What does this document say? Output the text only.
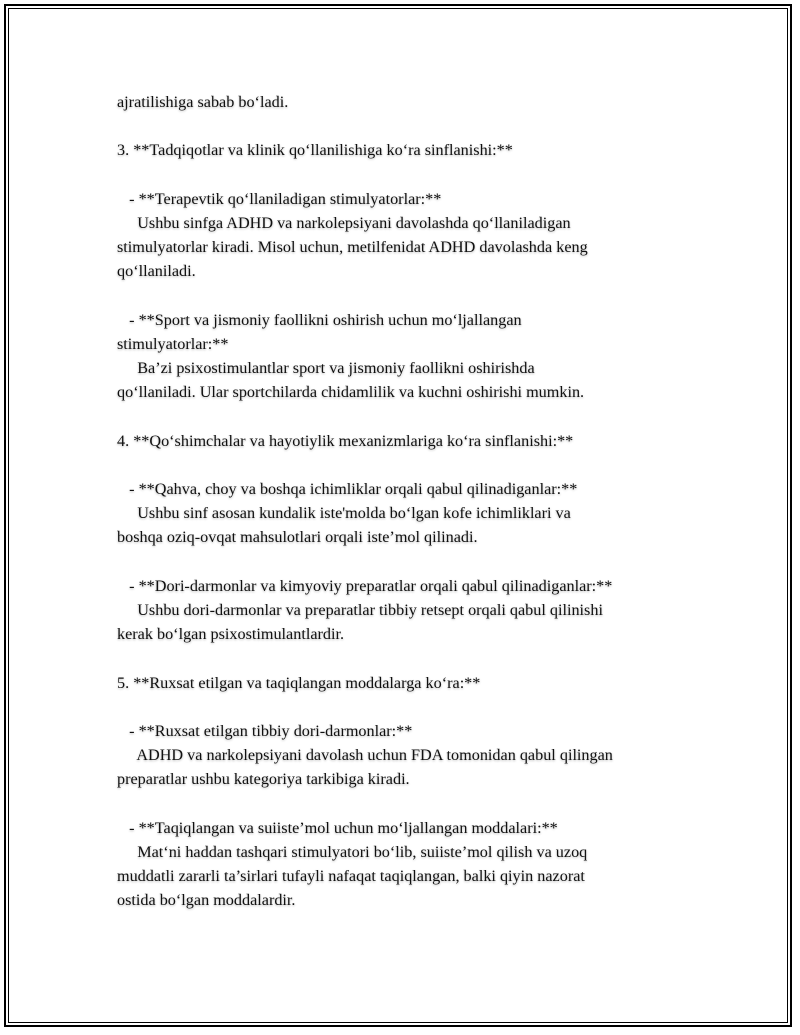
ajratilishiga sabab bo‘ladi.
3. **Tadqiqotlar va klinik qo‘llanilishiga ko‘ra sinflanishi:**
- **Terapevtik qo‘llaniladigan stimulyatorlar:**
Ushbu sinfga ADHD va narkolepsiyani davolashda qo‘llaniladigan
stimulyatorlar kiradi. Misol uchun, metilfenidat ADHD davolashda keng
qo‘llaniladi.
- **Sport va jismoniy faollikni oshirish uchun mo‘ljallangan
stimulyatorlar:**
Ba’zi psixostimulantlar sport va jismoniy faollikni oshirishda
qo‘llaniladi. Ular sportchilarda chidamlilik va kuchni oshirishi mumkin.
4. **Qo‘shimchalar va hayotiylik mexanizmlariga ko‘ra sinflanishi:**
- **Qahva, choy va boshqa ichimliklar orqali qabul qilinadiganlar:**
Ushbu sinf asosan kundalik iste'molda bo‘lgan kofe ichimliklari va
boshqa oziq-ovqat mahsulotlari orqali iste’mol qilinadi.
- **Dori-darmonlar va kimyoviy preparatlar orqali qabul qilinadiganlar:**
Ushbu dori-darmonlar va preparatlar tibbiy retsept orqali qabul qilinishi
kerak bo‘lgan psixostimulantlardir.
5. **Ruxsat etilgan va taqiqlangan moddalarga ko‘ra:**
- **Ruxsat etilgan tibbiy dori-darmonlar:**
ADHD va narkolepsiyani davolash uchun FDA tomonidan qabul qilingan
preparatlar ushbu kategoriya tarkibiga kiradi.
- **Taqiqlangan va suiiste’mol uchun mo‘ljallangan moddalari:**
Mat‘ni haddan tashqari stimulyatori bo‘lib, suiiste’mol qilish va uzoq
muddatli zararli ta’sirlari tufayli nafaqat taqiqlangan, balki qiyin nazorat
ostida bo‘lgan moddalardir.
